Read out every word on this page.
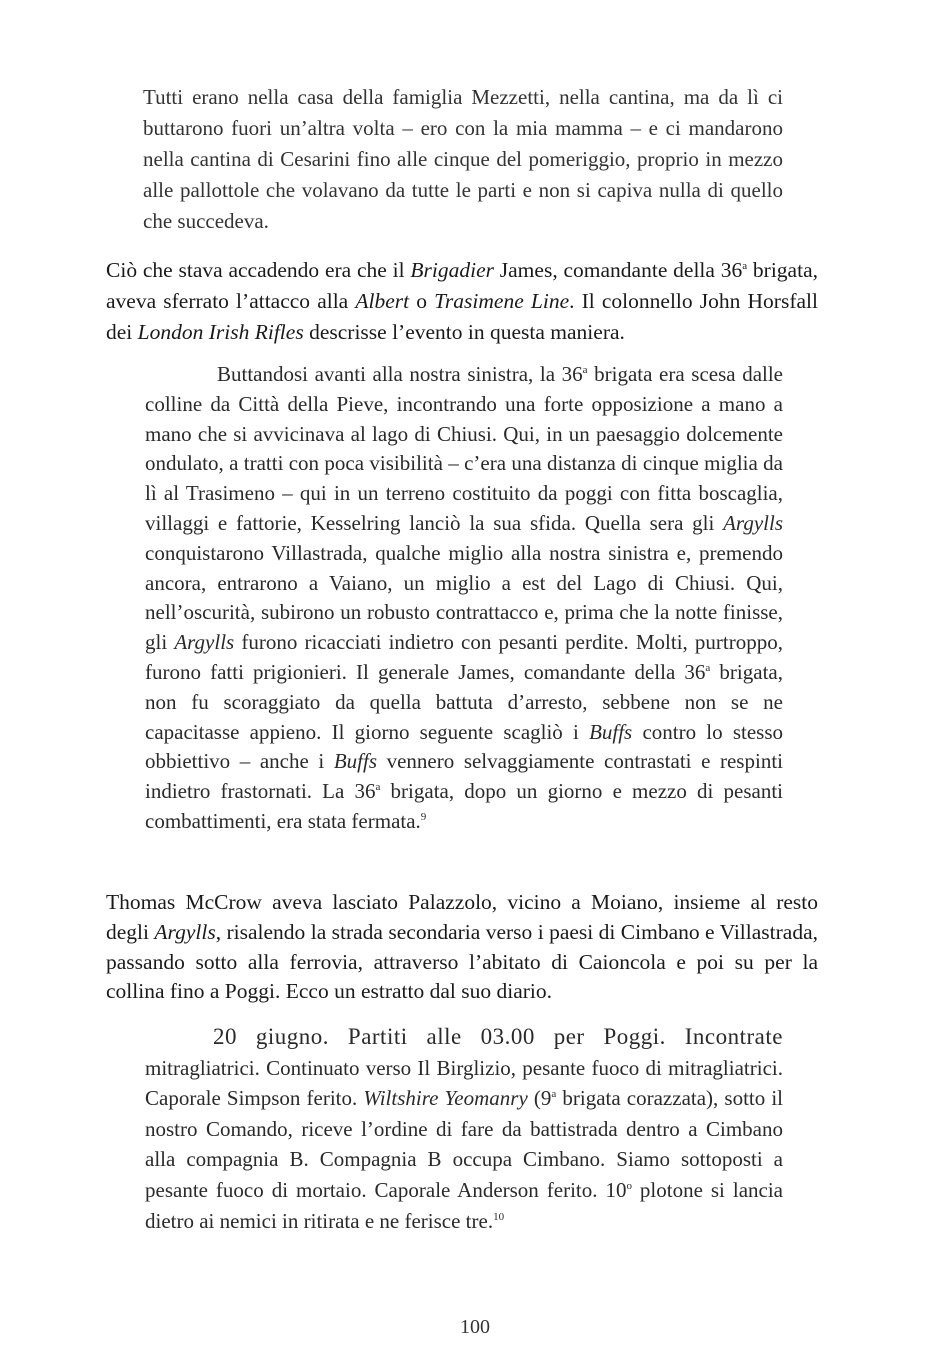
Tutti erano nella casa della famiglia Mezzetti, nella cantina, ma da lì ci buttarono fuori un’altra volta – ero con la mia mamma – e ci mandarono nella cantina di Cesarini fino alle cinque del pomeriggio, proprio in mezzo alle pallottole che volavano da tutte le parti e non si capiva nulla di quello che succedeva.

Ciò che stava accadendo era che il Brigadier James, comandante della 36$^a$ brigata, aveva sferrato l’attacco alla Albert o Trasimene Line. Il colonnello John Horsfall dei London Irish Rifles descrisse l’evento in questa maniera.

Buttandosi avanti alla nostra sinistra, la 36$^a$ brigata era scesa dalle colline da Città della Pieve, incontrando una forte opposizione a mano a mano che si avvicinava al lago di Chiusi. Qui, in un paesaggio dolcemente ondulato, a tratti con poca visibilità – c’era una distanza di cinque miglia da lì al Trasimeno – qui in un terreno costituito da poggi con fitta boscaglia, villaggi e fattorie, Kesselring lanciò la sua sfida. Quella sera gli Argylls conquistarono Villastrada, qualche miglio alla nostra sinistra e, premendo ancora, entrarono a Vaiano, un miglio a est del Lago di Chiusi. Qui, nell’oscurità, subirono un robusto contrattacco e, prima che la notte finisse, gli Argylls furono ricacciati indietro con pesanti perdite. Molti, purtroppo, furono fatti prigionieri. Il generale James, comandante della 36$^a$ brigata, non fu scoraggiato da quella battuta d’arresto, sebbene non se ne capacitasse appieno. Il giorno seguente scagliò i Buffs contro lo stesso obbiettivo – anche i Buffs vennero selvaggiamente contrastati e respinti indietro frastornati. La 36$^a$ brigata, dopo un giorno e mezzo di pesanti combattimenti, era stata fermata.$^9$

Thomas McCrow aveva lasciato Palazzolo, vicino a Moiano, insieme al resto degli Argylls, risalendo la strada secondaria verso i paesi di Cimbano e Villastrada, passando sotto alla ferrovia, attraverso l’abitato di Caioncola e poi su per la collina fino a Poggi. Ecco un estratto dal suo diario.

20 giugno. Partiti alle 03.00 per Poggi. Incontrate mitragliatrici. Continuato verso Il Birglizio, pesante fuoco di mitragliatrici. Caporale Simpson ferito. Wiltshire Yeomanry (9$^a$ brigata corazzata), sotto il nostro Comando, riceve l’ordine di fare da battistrada dentro a Cimbano alla compagnia B. Compagnia B occupa Cimbano. Siamo sottoposti a pesante fuoco di mortaio. Caporale Anderson ferito. 10$^o$ plotone si lancia dietro ai nemici in ritirata e ne ferisce tre.$^{10}$

100
